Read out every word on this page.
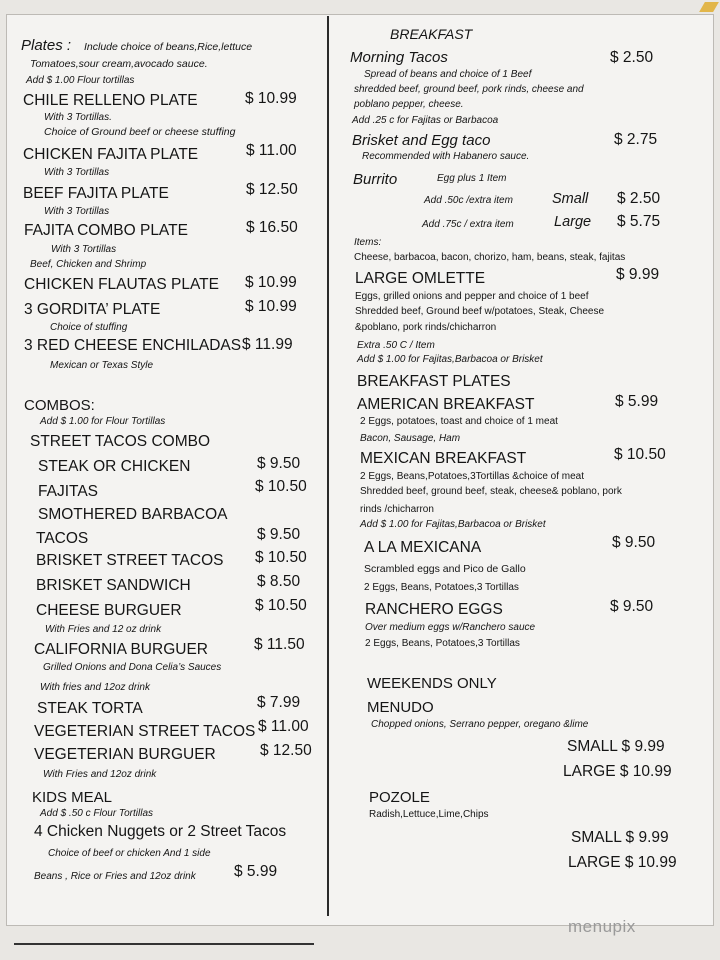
Plates : Include choice of beans,Rice,lettuce
Tomatoes,sour cream,avocado sauce.
Add $ 1.00 Flour tortillas
CHILE RELLENO PLATE	$ 10.99
With 3 Tortillas.
Choice of Ground beef or cheese stuffing
CHICKEN FAJITA PLATE	$ 11.00
With 3 Tortillas
BEEF FAJITA PLATE	$ 12.50
With 3 Tortillas
FAJITA COMBO PLATE	$ 16.50
With 3 Tortillas
Beef, Chicken and Shrimp
CHICKEN FLAUTAS PLATE $ 10.99
3 GORDITA’ PLATE	$ 10.99
Choice of stuffing
3 RED CHEESE ENCHILADAS $ 11.99
Mexican or Texas Style
COMBOS:
Add $ 1.00 for Flour Tortillas
STREET TACOS COMBO
STEAK OR CHICKEN	$ 9.50
FAJITAS	$ 10.50
SMOTHERED BARBACOA
TACOS	$ 9.50
BRISKET STREET TACOS $ 10.50
BRISKET SANDWICH	$ 8.50
CHEESE BURGUER	$ 10.50
With Fries and 12 oz drink
CALIFORNIA BURGUER	$ 11.50
Grilled Onions and Dona Celia’s Sauces
With fries and 12oz drink
STEAK TORTA	$ 7.99
VEGETERIAN STREET TACOS $ 11.00
VEGETERIAN BURGUER	$ 12.50
With Fries and 12oz drink
KIDS MEAL
Add $ .50 c Flour Tortillas
4 Chicken Nuggets or 2 Street Tacos
Choice of beef or chicken And 1 side
Beans , Rice or Fries and 12oz drink $ 5.99
BREAKFAST
Morning Tacos	$ 2.50
Spread of beans and choice of 1 Beef
shredded beef, ground beef, pork rinds, cheese and
poblano pepper, cheese.
Add .25 c for Fajitas or Barbacoa
Brisket and Egg taco	$ 2.75
Recommended with Habanero sauce.
Burrito	Egg plus 1 Item
Add .50c /extra item	Small $ 2.50
Add .75c / extra item	Large $ 5.75
Items:
Cheese, barbacoa, bacon, chorizo, ham, beans, steak, fajitas
LARGE OMLETTE	$ 9.99
Eggs, grilled onions and pepper and choice of 1 beef
Shredded beef, Ground beef w/potatoes, Steak, Cheese
&poblano, pork rinds/chicharron
Extra .50 C / Item
Add $ 1.00 for Fajitas,Barbacoa or Brisket
BREAKFAST PLATES
AMERICAN BREAKFAST	$ 5.99
2 Eggs, potatoes, toast and choice of 1 meat
Bacon, Sausage, Ham
MEXICAN BREAKFAST	$ 10.50
2 Eggs, Beans,Potatoes,3Tortillas &choice of meat
Shredded beef, ground beef, steak, cheese& poblano, pork
rinds /chicharron
Add $ 1.00 for Fajitas,Barbacoa or Brisket
A LA MEXICANA	$ 9.50
Scrambled eggs and Pico de Gallo
2 Eggs, Beans, Potatoes,3 Tortillas
RANCHERO EGGS	$ 9.50
Over medium eggs w/Ranchero sauce
2 Eggs, Beans, Potatoes,3 Tortillas
WEEKENDS ONLY
MENUDO
Chopped onions, Serrano pepper, oregano &lime
SMALL $ 9.99
LARGE $ 10.99
POZOLE
Radish,Lettuce,Lime,Chips
SMALL $ 9.99
LARGE $ 10.99
menupix
